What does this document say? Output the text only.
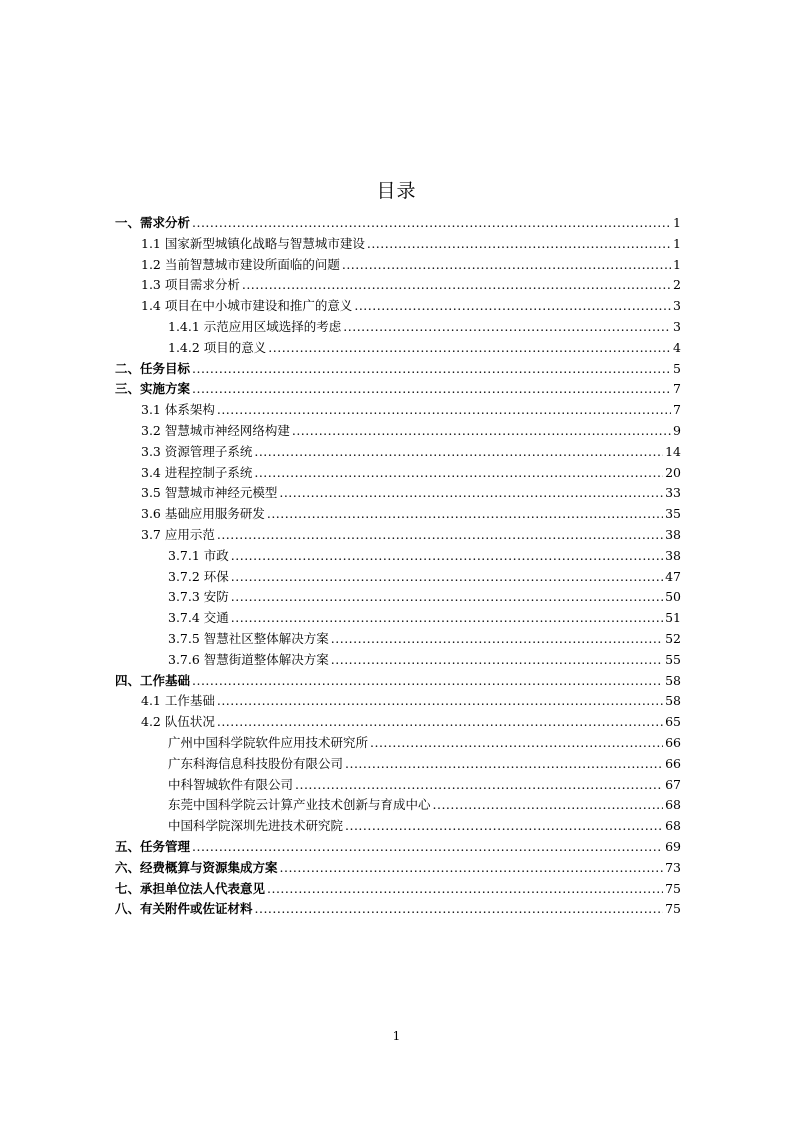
目录
一、需求分析 .....	1
1.1 国家新型城镇化战略与智慧城市建设 .....	1
1.2 当前智慧城市建设所面临的问题 .....	1
1.3 项目需求分析 .....	2
1.4 项目在中小城市建设和推广的意义 .....	3
1.4.1 示范应用区域选择的考虑 .....	3
1.4.2 项目的意义 .....	4
二、任务目标 .....	5
三、实施方案 .....	7
3.1 体系架构 .....	7
3.2 智慧城市神经网络构建 .....	9
3.3 资源管理子系统 .....	14
3.4 进程控制子系统 .....	20
3.5 智慧城市神经元模型 .....	33
3.6 基础应用服务研发 .....	35
3.7 应用示范 .....	38
3.7.1 市政 .....	38
3.7.2 环保 .....	47
3.7.3 安防 .....	50
3.7.4 交通 .....	51
3.7.5 智慧社区整体解决方案 .....	52
3.7.6 智慧街道整体解决方案 .....	55
四、工作基础 .....	58
4.1 工作基础 .....	58
4.2 队伍状况 .....	65
广州中国科学院软件应用技术研究所 .....	66
广东科海信息科技股份有限公司 .....	66
中科智城软件有限公司 .....	67
东莞中国科学院云计算产业技术创新与育成中心 .....	68
中国科学院深圳先进技术研究院 .....	68
五、任务管理 .....	69
六、经费概算与资源集成方案 .....	73
七、承担单位法人代表意见 .....	75
八、有关附件或佐证材料 .....	75
1
